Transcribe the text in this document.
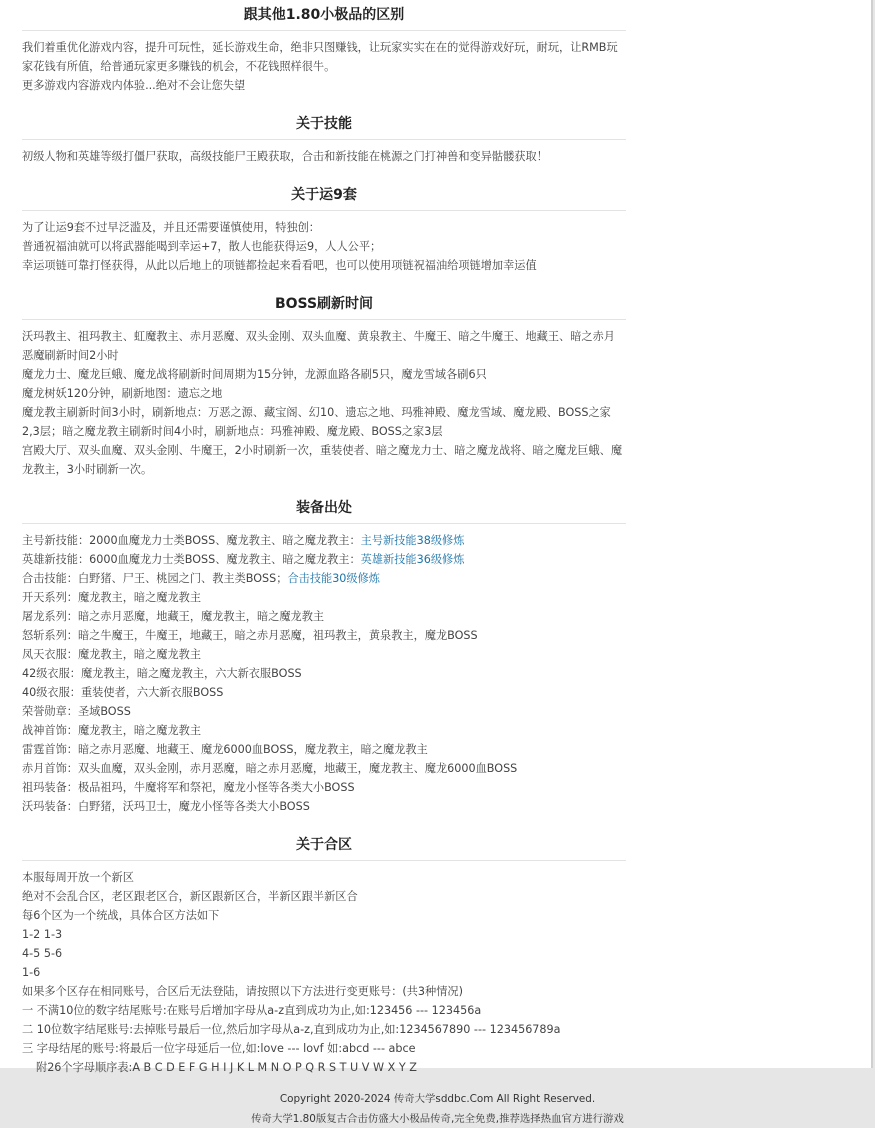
跟其他1.80小极品的区别
我们着重优化游戏内容，提升可玩性，延长游戏生命，绝非只图赚钱，让玩家实实在在的觉得游戏好玩，耐玩，让RMB玩家花钱有所值，给普通玩家更多赚钱的机会，不花钱照样很牛。
更多游戏内容游戏内体验...绝对不会让您失望
关于技能
初级人物和英雄等级打僵尸获取，高级技能尸王殿获取，合击和新技能在桃源之门打神兽和变异骷髅获取！
关于运9套
为了让运9套不过早泛滥及，并且还需要谨慎使用，特独创：
普通祝福油就可以将武器能喝到幸运+7，散人也能获得运9，人人公平；
幸运项链可靠打怪获得，从此以后地上的项链都捡起来看看吧，也可以使用项链祝福油给项链增加幸运值
BOSS刷新时间
沃玛教主、祖玛教主、虹魔教主、赤月恶魔、双头金刚、双头血魔、黄泉教主、牛魔王、暗之牛魔王、地藏王、暗之赤月恶魔刷新时间2小时
魔龙力士、魔龙巨蛾、魔龙战将刷新时间周期为15分钟，龙源血路各刷5只，魔龙雪域各刷6只
魔龙树妖120分钟，刷新地图：遗忘之地
魔龙教主刷新时间3小时，刷新地点：万恶之源、藏宝阁、幻10、遗忘之地、玛雅神殿、魔龙雪域、魔龙殿、BOSS之家2,3层；暗之魔龙教主刷新时间4小时，刷新地点：玛雅神殿、魔龙殿、BOSS之家3层
宫殿大厅、双头血魔、双头金刚、牛魔王，2小时刷新一次，重装使者、暗之魔龙力士、暗之魔龙战将、暗之魔龙巨蛾、魔龙教主，3小时刷新一次。
装备出处
主号新技能：2000血魔龙力士类BOSS、魔龙教主、暗之魔龙教主：主号新技能38级修炼
英雄新技能：6000血魔龙力士类BOSS、魔龙教主、暗之魔龙教主：英雄新技能36级修炼
合击技能：白野猪、尸王、桃园之门、教主类BOSS；合击技能30级修炼
开天系列：魔龙教主，暗之魔龙教主
屠龙系列：暗之赤月恶魔，地藏王，魔龙教主，暗之魔龙教主
怒斩系列：暗之牛魔王，牛魔王，地藏王，暗之赤月恶魔，祖玛教主，黄泉教主，魔龙BOSS
凤天衣服：魔龙教主，暗之魔龙教主
42级衣服：魔龙教主，暗之魔龙教主，六大新衣服BOSS
40级衣服：重装使者，六大新衣服BOSS
荣誉勋章：圣域BOSS
战神首饰：魔龙教主，暗之魔龙教主
雷霆首饰：暗之赤月恶魔、地藏王、魔龙6000血BOSS，魔龙教主，暗之魔龙教主
赤月首饰：双头血魔，双头金刚，赤月恶魔，暗之赤月恶魔，地藏王，魔龙教主、魔龙6000血BOSS
祖玛装备：极品祖玛，牛魔将军和祭祀，魔龙小怪等各类大小BOSS
沃玛装备：白野猪，沃玛卫士，魔龙小怪等各类大小BOSS
关于合区
本服每周开放一个新区
绝对不会乱合区，老区跟老区合，新区跟新区合，半新区跟半新区合
每6个区为一个统战，具体合区方法如下
1-2 1-3
4-5 5-6
1-6
如果多个区存在相同账号，合区后无法登陆，请按照以下方法进行变更账号：(共3种情况)
一 不满10位的数字结尾账号:在账号后增加字母从a-z直到成功为止,如:123456 --- 123456a
二 10位数字结尾账号:去掉账号最后一位,然后加字母从a-z,直到成功为止,如:1234567890 --- 123456789a
三 字母结尾的账号:将最后一位字母延后一位,如:love --- lovf 如:abcd --- abce
附26个字母顺序表:A B C D E F G H I J K L M N O P Q R S T U V W X Y Z
Copyright 2020-2024 传奇大学sddbc.Com All Right Reserved.
传奇大学1.80版复古合击仿盛大小极品传奇,完全免费,推荐选择热血官方进行游戏
